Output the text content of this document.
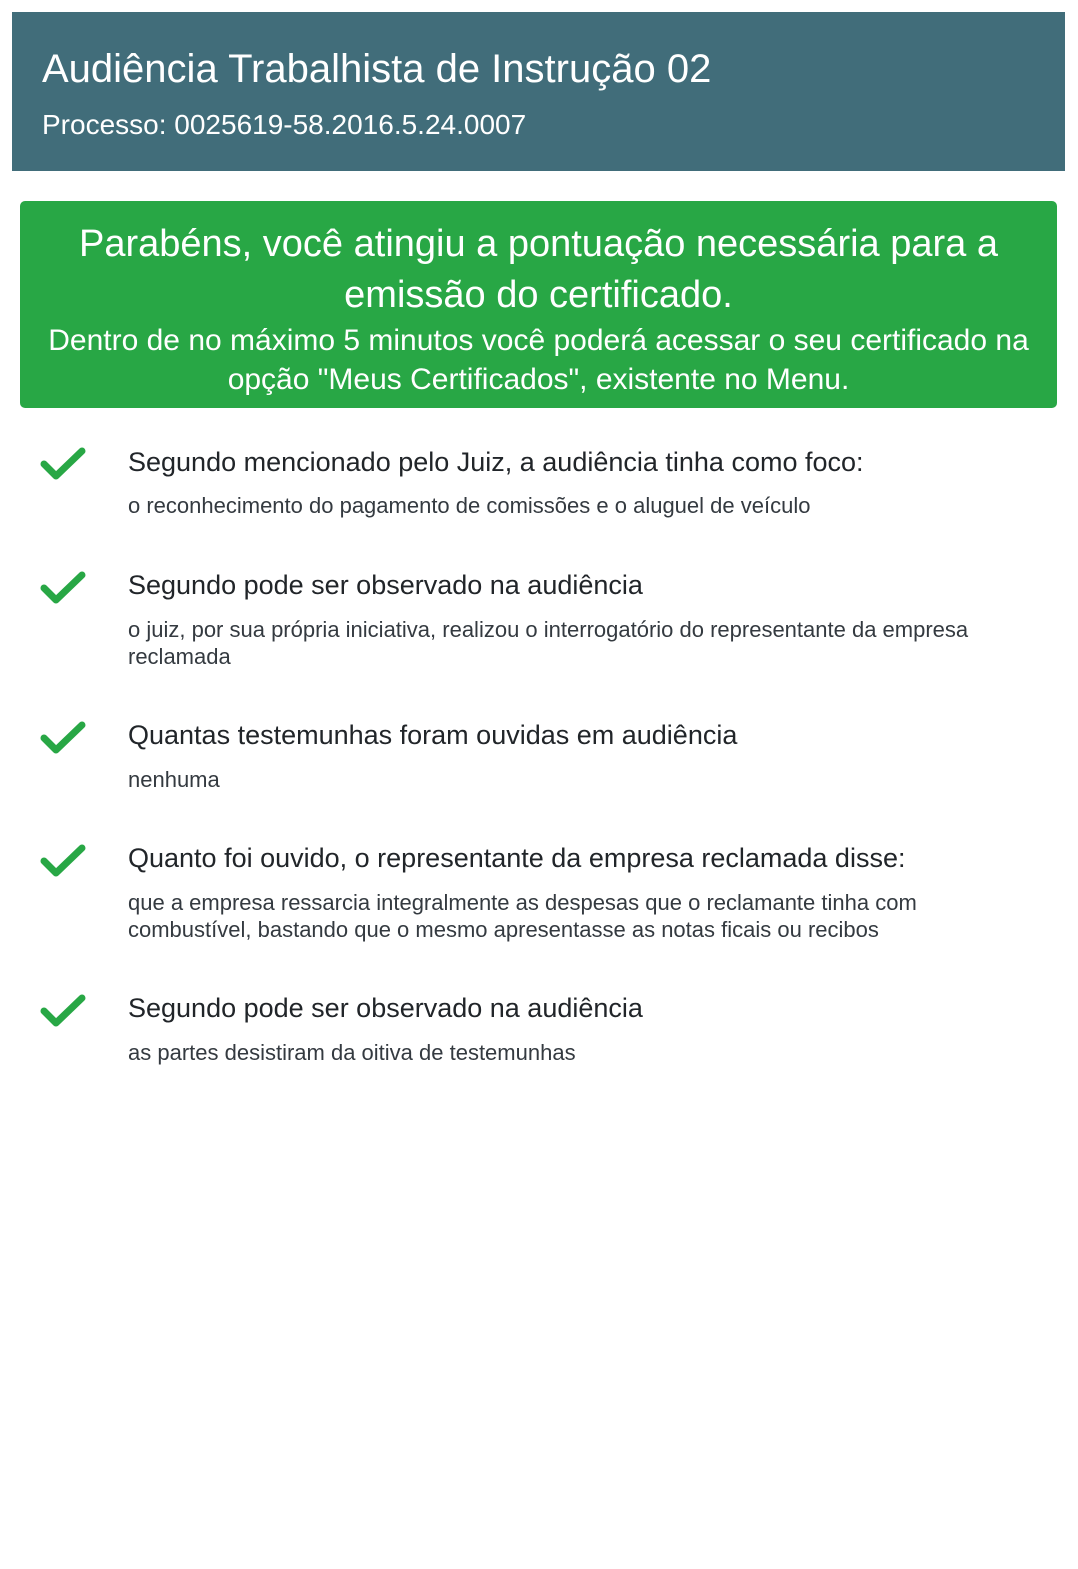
Audiência Trabalhista de Instrução 02
Processo: 0025619-58.2016.5.24.0007
Parabéns, você atingiu a pontuação necessária para a emissão do certificado.
Dentro de no máximo 5 minutos você poderá acessar o seu certificado na opção "Meus Certificados", existente no Menu.
Segundo mencionado pelo Juiz, a audiência tinha como foco:
o reconhecimento do pagamento de comissões e o aluguel de veículo
Segundo pode ser observado na audiência
o juiz, por sua própria iniciativa, realizou o interrogatório do representante da empresa reclamada
Quantas testemunhas foram ouvidas em audiência
nenhuma
Quanto foi ouvido, o representante da empresa reclamada disse:
que a empresa ressarcia integralmente as despesas que o reclamante tinha com combustível, bastando que o mesmo apresentasse as notas ficais ou recibos
Segundo pode ser observado na audiência
as partes desistiram da oitiva de testemunhas
